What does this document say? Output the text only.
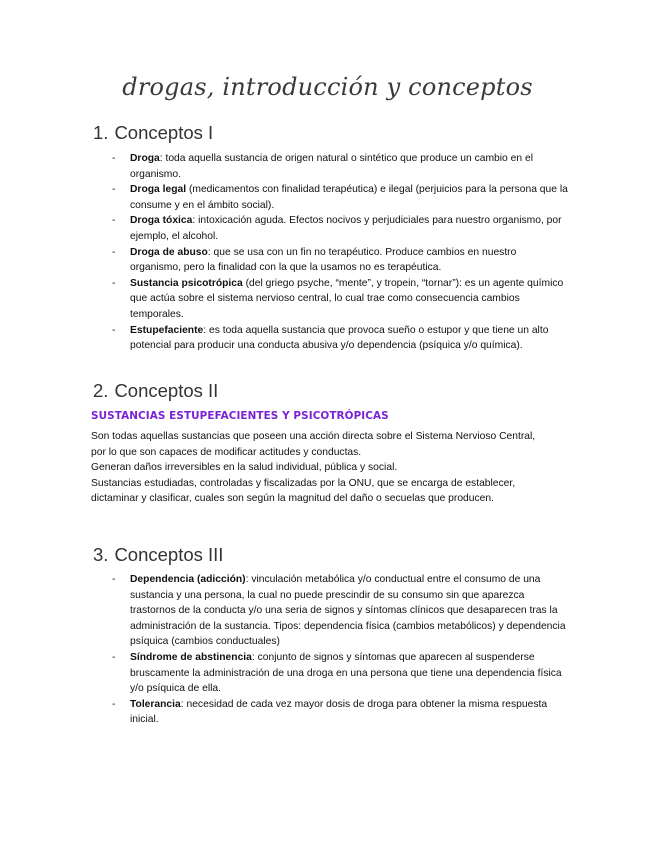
drogas, introducción y conceptos
1. Conceptos I
- Droga: toda aquella sustancia de origen natural o sintético que produce un cambio en el organismo.
- Droga legal (medicamentos con finalidad terapéutica) e ilegal (perjuicios para la persona que la consume y en el ámbito social).
- Droga tóxica: intoxicación aguda. Efectos nocivos y perjudiciales para nuestro organismo, por ejemplo, el alcohol.
- Droga de abuso: que se usa con un fin no terapéutico. Produce cambios en nuestro organismo, pero la finalidad con la que la usamos no es terapéutica.
- Sustancia psicotrópica (del griego psyche, “mente”, y tropein, “tornar”): es un agente químico que actúa sobre el sistema nervioso central, lo cual trae como consecuencia cambios temporales.
- Estupefaciente: es toda aquella sustancia que provoca sueño o estupor y que tiene un alto potencial para producir una conducta abusiva y/o dependencia (psíquica y/o química).
2. Conceptos II
SUSTANCIAS ESTUPEFACIENTES Y PSICOTRÓPICAS
Son todas aquellas sustancias que poseen una acción directa sobre el Sistema Nervioso Central,
por lo que son capaces de modificar actitudes y conductas.
Generan daños irreversibles en la salud individual, pública y social.
Sustancias estudiadas, controladas y fiscalizadas por la ONU, que se encarga de establecer,
dictaminar y clasificar, cuales son según la magnitud del daño o secuelas que producen.
3. Conceptos III
- Dependencia (adicción): vinculación metabólica y/o conductual entre el consumo de una sustancia y una persona, la cual no puede prescindir de su consumo sin que aparezca trastornos de la conducta y/o una seria de signos y síntomas clínicos que desaparecen tras la administración de la sustancia. Tipos: dependencia física (cambios metabólicos) y dependencia psíquica (cambios conductuales)
- Síndrome de abstinencia: conjunto de signos y síntomas que aparecen al suspenderse bruscamente la administración de una droga en una persona que tiene una dependencia física y/o psíquica de ella.
- Tolerancia: necesidad de cada vez mayor dosis de droga para obtener la misma respuesta inicial.
